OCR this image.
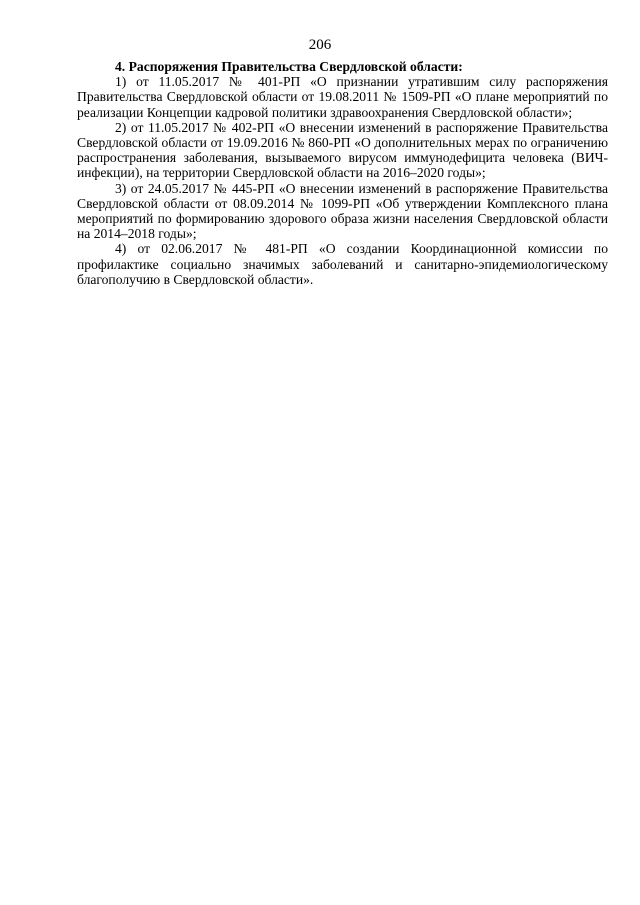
206

4. Распоряжения Правительства Свердловской области:

1) от 11.05.2017 № 401-РП «О признании утратившим силу распоряжения Правительства Свердловской области от 19.08.2011 № 1509-РП «О плане мероприятий по реализации Концепции кадровой политики здравоохранения Свердловской области»;

2) от 11.05.2017 № 402-РП «О внесении изменений в распоряжение Правительства Свердловской области от 19.09.2016 № 860-РП «О дополнительных мерах по ограничению распространения заболевания, вызываемого вирусом иммунодефицита человека (ВИЧ-инфекции), на территории Свердловской области на 2016–2020 годы»;

3) от 24.05.2017 № 445-РП «О внесении изменений в распоряжение Правительства Свердловской области от 08.09.2014 № 1099-РП «Об утверждении Комплексного плана мероприятий по формированию здорового образа жизни населения Свердловской области на 2014–2018 годы»;

4) от 02.06.2017 № 481-РП «О создании Координационной комиссии по профилактике социально значимых заболеваний и санитарно-эпидемиологическому благополучию в Свердловской области».
